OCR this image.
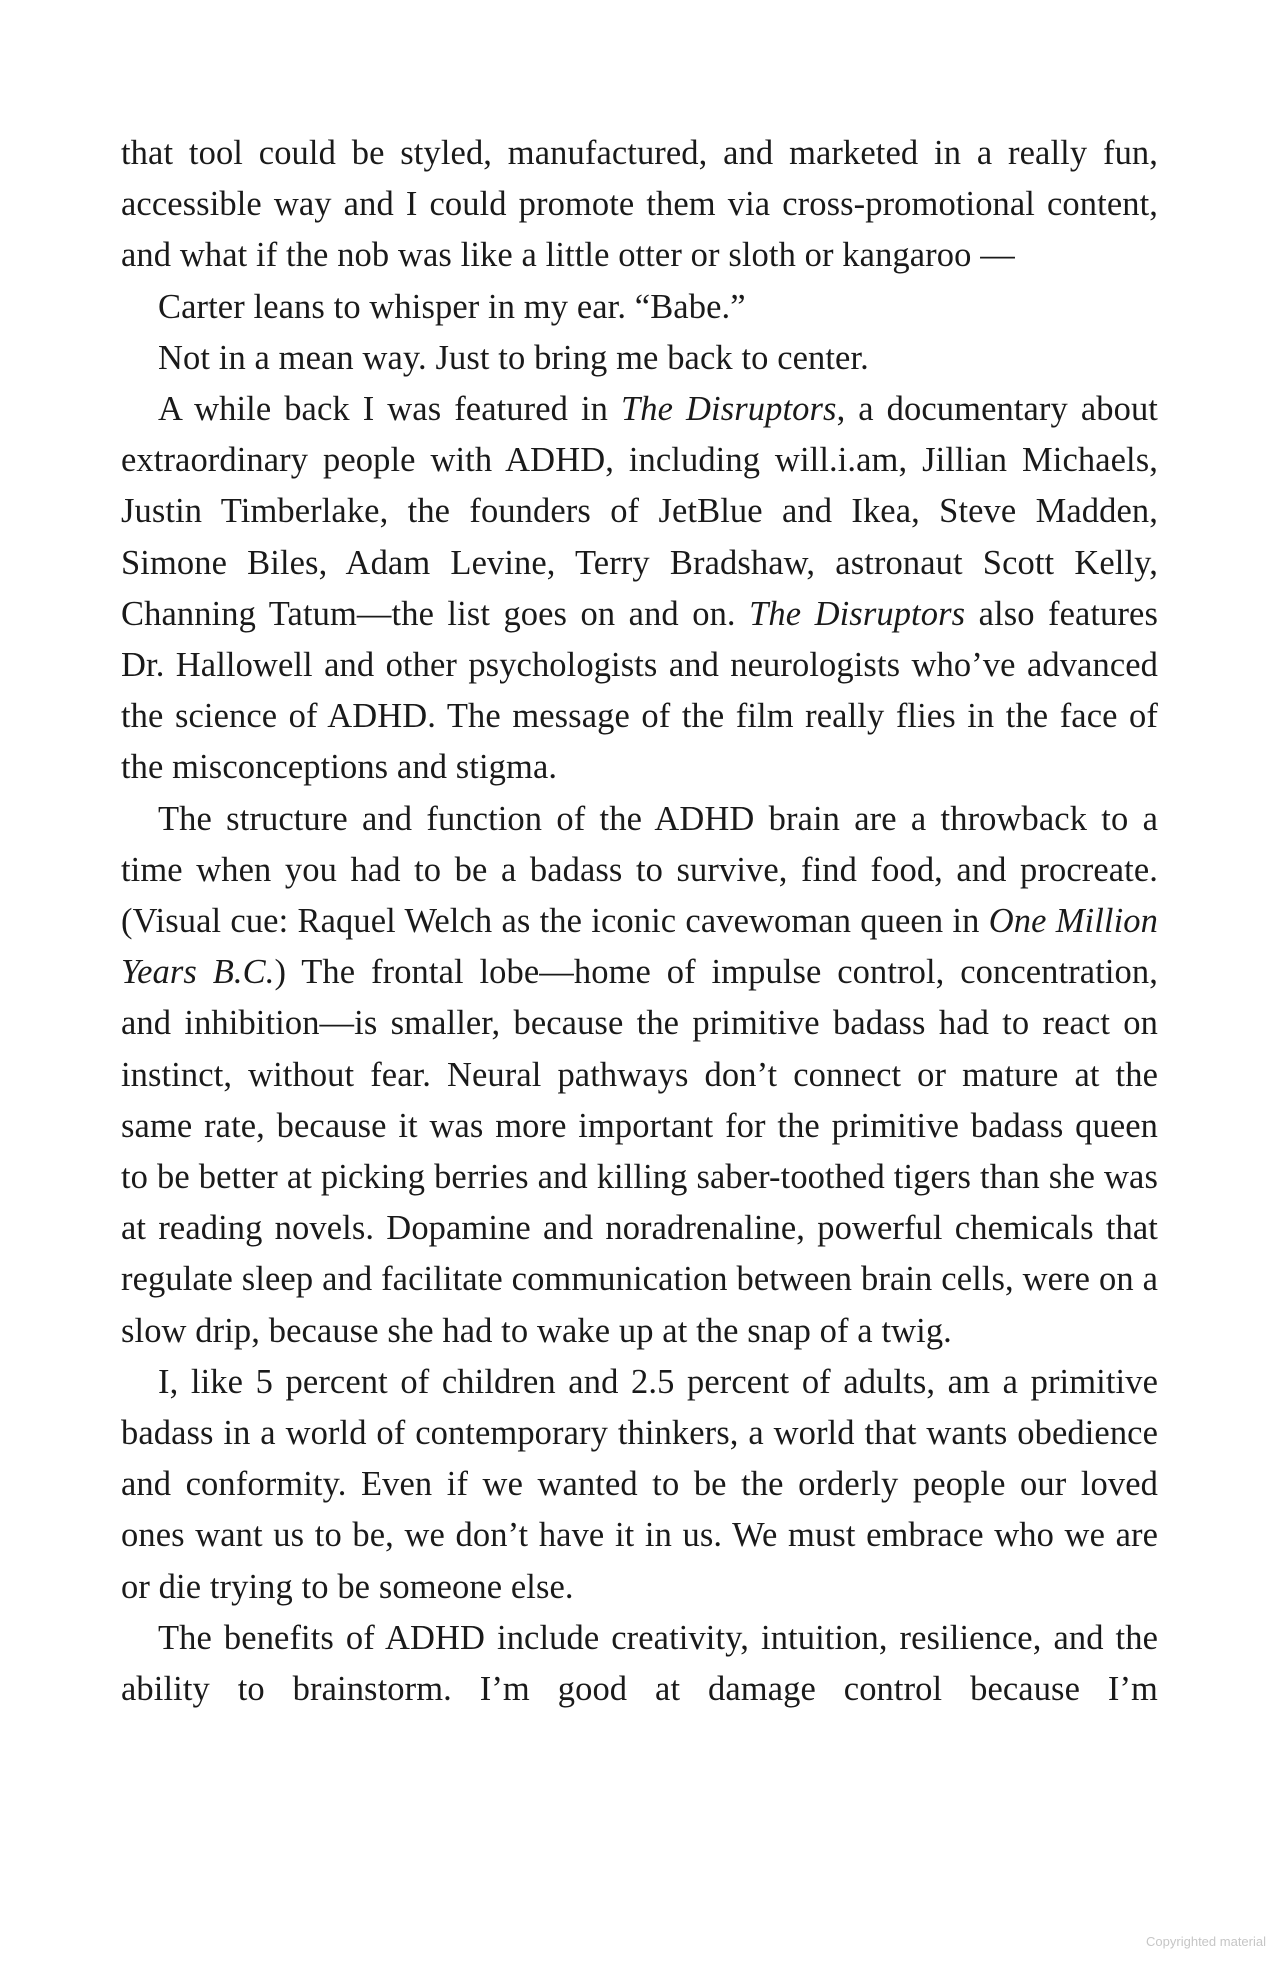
that tool could be styled, manufactured, and marketed in a really fun, accessible way and I could promote them via cross-promotional content, and what if the nob was like a little otter or sloth or kangaroo —

Carter leans to whisper in my ear. “Babe.”

Not in a mean way. Just to bring me back to center.

A while back I was featured in The Disruptors, a documentary about extraordinary people with ADHD, including will.i.am, Jillian Michaels, Justin Timberlake, the founders of JetBlue and Ikea, Steve Madden, Simone Biles, Adam Levine, Terry Bradshaw, astronaut Scott Kelly, Channing Tatum—the list goes on and on. The Disruptors also features Dr. Hallowell and other psychologists and neurologists who’ve advanced the science of ADHD. The message of the film really flies in the face of the misconceptions and stigma.

The structure and function of the ADHD brain are a throwback to a time when you had to be a badass to survive, find food, and procreate. (Visual cue: Raquel Welch as the iconic cavewoman queen in One Million Years B.C.) The frontal lobe—home of impulse control, concentration, and inhibition—is smaller, because the primitive badass had to react on instinct, without fear. Neural pathways don’t connect or mature at the same rate, because it was more important for the primitive badass queen to be better at picking berries and killing saber-toothed tigers than she was at reading novels. Dopamine and noradrenaline, powerful chemicals that regulate sleep and facilitate communication between brain cells, were on a slow drip, because she had to wake up at the snap of a twig.

I, like 5 percent of children and 2.5 percent of adults, am a primitive badass in a world of contemporary thinkers, a world that wants obedience and conformity. Even if we wanted to be the orderly people our loved ones want us to be, we don’t have it in us. We must embrace who we are or die trying to be someone else.

The benefits of ADHD include creativity, intuition, resilience, and the ability to brainstorm. I’m good at damage control because I’m

Copyrighted material
